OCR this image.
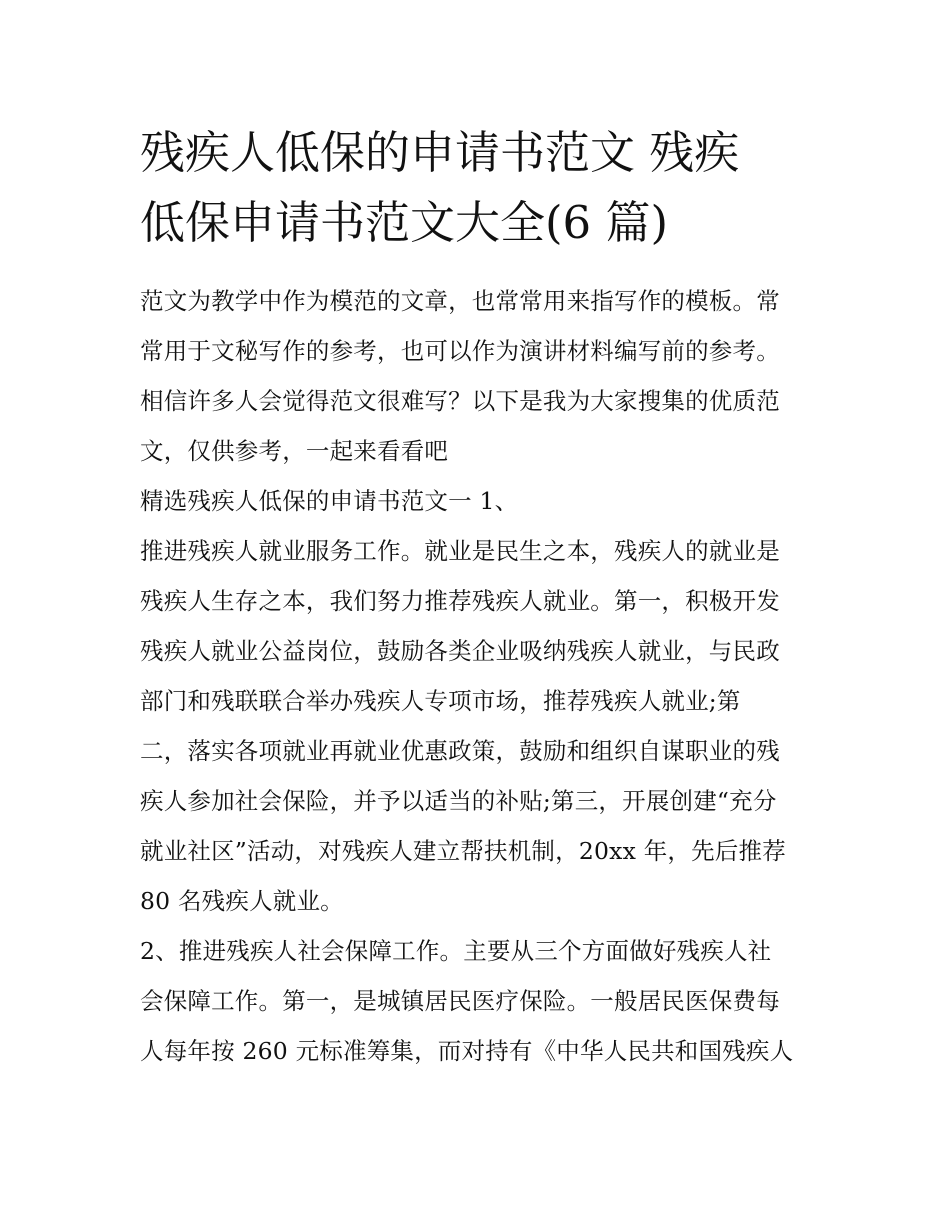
残疾人低保的申请书范文 残疾
低保申请书范文大全(6 篇)
范文为教学中作为模范的文章，也常常用来指写作的模板。常
常用于文秘写作的参考，也可以作为演讲材料编写前的参考。
相信许多人会觉得范文很难写？以下是我为大家搜集的优质范
文，仅供参考，一起来看看吧
精选残疾人低保的申请书范文一 1、
推进残疾人就业服务工作。就业是民生之本，残疾人的就业是
残疾人生存之本，我们努力推荐残疾人就业。第一，积极开发
残疾人就业公益岗位，鼓励各类企业吸纳残疾人就业，与民政
部门和残联联合举办残疾人专项市场，推荐残疾人就业;第
二，落实各项就业再就业优惠政策，鼓励和组织自谋职业的残
疾人参加社会保险，并予以适当的补贴;第三，开展创建“充分
就业社区”活动，对残疾人建立帮扶机制，20xx 年，先后推荐
80 名残疾人就业。
2、推进残疾人社会保障工作。主要从三个方面做好残疾人社
会保障工作。第一，是城镇居民医疗保险。一般居民医保费每
人每年按 260 元标准筹集，而对持有《中华人民共和国残疾人
